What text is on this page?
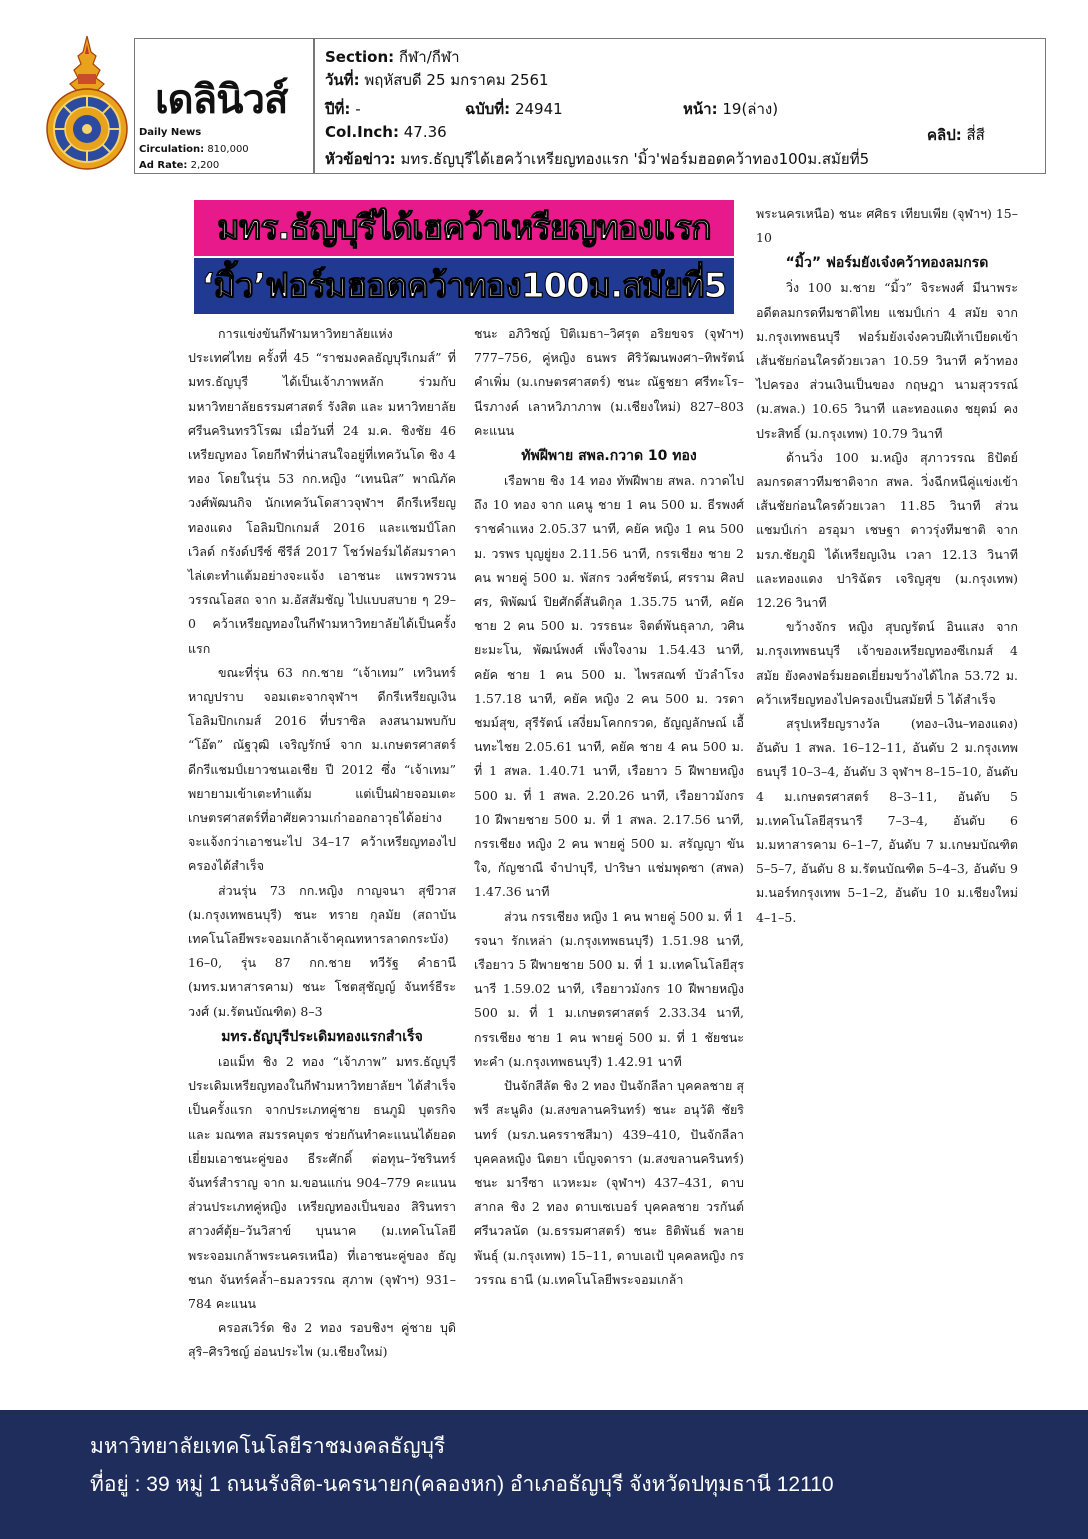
เดลินิวส์
Daily News
Circulation: 810,000
Ad Rate: 2,200
Section: กีฬา/กีฬา
วันที่: พฤหัสบดี 25 มกราคม 2561
ปีที่: -	ฉบับที่: 24941	หน้า: 19(ล่าง)
Col.Inch: 47.36	คลิป: สี่สี
หัวข้อข่าว: มทร.ธัญบุรีได้เฮคว้าเหรียญทองแรก 'มิ้ว'ฟอร์มฮอตคว้าทอง100ม.สมัยที่5
มทร.ธัญบุรีได้เฮคว้าเหรียญทองแรก
‘มิ้ว’ฟอร์มฮอตคว้าทอง100ม.สมัยที่5

การแข่งขันกีฬามหาวิทยาลัยแห่งประเทศไทย ครั้งที่ 45 “ราชมงคลธัญบุรีเกมส์” ที่ มทร.ธัญบุรี ได้เป็นเจ้าภาพหลัก ร่วมกับมหาวิทยาลัยธรรมศาสตร์ รังสิต และ มหาวิทยาลัยศรีนครินทรวิโรฒ เมื่อวันที่ 24 ม.ค. ชิงชัย 46 เหรียญทอง โดยกีฬาที่น่าสนใจอยู่ที่เทควันโด ชิง 4 ทอง โดยในรุ่น 53 กก.หญิง “เทนนิส” พาณิภัค วงศ์พัฒนกิจ นักเทควันโดสาวจุฬาฯ ดีกรีเหรียญทองแดง โอลิมปิกเกมส์ 2016 และแชมป์โลก เวิลด์ กรังด์ปรีซ์ ซีรีส์ 2017 โชว์ฟอร์มได้สมราคาไล่เตะทำแต้มอย่างจะแจ้ง เอาชนะ แพรวพรวน วรรณโอสถ จาก ม.อัสสัมชัญ ไปแบบสบาย ๆ 29–0 คว้าเหรียญทองในกีฬามหาวิทยาลัยได้เป็นครั้งแรก

ขณะที่รุ่น 63 กก.ชาย “เจ้าเทม” เทวินทร์ หาญปราบ จอมเตะจากจุฬาฯ ดีกรีเหรียญเงินโอลิมปิกเกมส์ 2016 ที่บราซิล ลงสนามพบกับ “โอ๊ต” ณัฐวุฒิ เจริญรักษ์ จาก ม.เกษตรศาสตร์ ดีกรีแชมป์เยาวชนเอเชีย ปี 2012 ซึ่ง “เจ้าเทม” พยายามเข้าเตะทำแต้ม แต่เป็นฝ่ายจอมเตะเกษตรศาสตร์ที่อาศัยความเก๋าออกอาวุธได้อย่างจะแจ้งกว่าเอาชนะไป 34–17 คว้าเหรียญทองไปครองได้สำเร็จ

ส่วนรุ่น 73 กก.หญิง กาญจนา สุขีวาส (ม.กรุงเทพธนบุรี) ชนะ ทราย กุลมัย (สถาบันเทคโนโลยีพระจอมเกล้าเจ้าคุณทหารลาดกระบัง) 16–0, รุ่น 87 กก.ชาย ทวีรัฐ คำธานี (มทร.มหาสารคาม) ชนะ โชตสุชัญญ์ จันทร์ธีระวงศ์ (ม.รัตนบัณฑิต) 8–3

มทร.ธัญบุรีประเดิมทองแรกสำเร็จ

เอแม็ท ชิง 2 ทอง “เจ้าภาพ” มทร.ธัญบุรี ประเดิมเหรียญทองในกีฬามหาวิทยาลัยฯ ได้สำเร็จเป็นครั้งแรก จากประเภทคู่ชาย ธนภูมิ บุตรกิจ และ มณฑล สมรรคบุตร ช่วยกันทำคะแนนได้ยอดเยี่ยมเอาชนะคู่ของ ธีระศักดิ์ ต่อทุน–วัชรินทร์ จันทร์สำราญ จาก ม.ขอนแก่น 904–779 คะแนน ส่วนประเภทคู่หญิง เหรียญทองเป็นของ สิรินทรา สาวงศ์ตุ้ย–วันวิสาข์ บุนนาค (ม.เทคโนโลยีพระจอมเกล้าพระนครเหนือ) ที่เอาชนะคู่ของ ธัญชนก จันทร์คล้ำ–ธมลวรรณ สุภาพ (จุฬาฯ) 931–784 คะแนน

ครอสเวิร์ด ชิง 2 ทอง รอบชิงฯ คู่ชาย บุดิ สุริ–ศิรวิชญ์ อ่อนประไพ (ม.เชียงใหม่)

ชนะ อภิวิชญ์ ปิติเมธา–วิศรุต อริยขจร (จุฬาฯ) 777–756, คู่หญิง ธนพร ศิริวัฒนพงศา–ทิพรัตน์ คำเพิ่ม (ม.เกษตรศาสตร์) ชนะ ณัฐชยา ศรีทะโร–นีรภางค์ เลาหวิภาภาพ (ม.เชียงใหม่) 827–803 คะแนน

ทัพฝีพาย สพล.กวาด 10 ทอง

เรือพาย ชิง 14 ทอง ทัพฝีพาย สพล. กวาดไปถึง 10 ทอง จาก แคนู ชาย 1 คน 500 ม. ธีรพงศ์ ราชคำแหง 2.05.37 นาที, คยัค หญิง 1 คน 500 ม. วรพร บุญยู่ยง 2.11.56 นาที, กรรเชียง ชาย 2 คน พายคู่ 500 ม. พัสกร วงศ์ชรัตน์, ศรราม ศิลปศร, พิพัฒน์ ปิยศักดิ์สันติกุล 1.35.75 นาที, คยัค ชาย 2 คน 500 ม. วรรธนะ จิตต์พันธุลาภ, วศิน ยะมะโน, พัฒน์พงศ์ เพ็งใจงาม 1.54.43 นาที, คยัค ชาย 1 คน 500 ม. ไพรสณฑ์ บัวลำโรง 1.57.18 นาที, คยัค หญิง 2 คน 500 ม. วรดา ชมม์สุข, สุรีรัตน์ เสงี่ยมโคกกรวด, ธัญญลักษณ์ เอื้นทะไชย 2.05.61 นาที, คยัค ชาย 4 คน 500 ม. ที่ 1 สพล. 1.40.71 นาที, เรือยาว 5 ฝีพายหญิง 500 ม. ที่ 1 สพล. 2.20.26 นาที, เรือยาวมังกร 10 ฝีพายชาย 500 ม. ที่ 1 สพล. 2.17.56 นาที, กรรเชียง หญิง 2 คน พายคู่ 500 ม. สรัญญา ขันใจ, กัญชาณี จำปาบุรี, ปาริษา แช่มพุดซา (สพล) 1.47.36 นาที

ส่วน กรรเชียง หญิง 1 คน พายคู่ 500 ม. ที่ 1 รจนา รักเหล่า (ม.กรุงเทพธนบุรี) 1.51.98 นาที, เรือยาว 5 ฝีพายชาย 500 ม. ที่ 1 ม.เทคโนโลยีสุรนารี 1.59.02 นาที, เรือยาวมังกร 10 ฝีพายหญิง 500 ม. ที่ 1 ม.เกษตรศาสตร์ 2.33.34 นาที, กรรเชียง ชาย 1 คน พายคู่ 500 ม. ที่ 1 ชัยชนะ ทะคำ (ม.กรุงเทพธนบุรี) 1.42.91 นาที

ปันจักสีลัต ชิง 2 ทอง ปันจักลีลา บุคคลชาย สุพรี สะนูดิง (ม.สงขลานครินทร์) ชนะ อนุวัติ ชัยรินทร์ (มรภ.นครราชสีมา) 439–410, ปันจักลีลา บุคคลหญิง นิตยา เบ็ญจดารา (ม.สงขลานครินทร์) ชนะ มารีซา แวหะมะ (จุฬาฯ) 437–431, ดาบสากล ชิง 2 ทอง ดาบเซเบอร์ บุคคลชาย วรกันต์ ศรีนวลนัด (ม.ธรรมศาสตร์) ชนะ ธิติพันธ์ พลายพันธุ์ (ม.กรุงเทพ) 15–11, ดาบเอเป้ บุคคลหญิง กรวรรณ ธานี (ม.เทคโนโลยีพระจอมเกล้า

พระนครเหนือ) ชนะ ศศิธร เทียบเพีย (จุฬาฯ) 15–10

“มิ้ว” ฟอร์มยังเจ๋งคว้าทองลมกรด

วิ่ง 100 ม.ชาย “มิ้ว” จิระพงศ์ มีนาพระ อดีตลมกรดทีมชาติไทย แชมป์เก่า 4 สมัย จาก ม.กรุงเทพธนบุรี ฟอร์มยังเจ๋งควบฝีเท้าเบียดเข้าเส้นชัยก่อนใครด้วยเวลา 10.59 วินาที คว้าทองไปครอง ส่วนเงินเป็นของ กฤษฎา นามสุวรรณ์ (ม.สพล.) 10.65 วินาที และทองแดง ชยุตม์ คงประสิทธิ์ (ม.กรุงเทพ) 10.79 วินาที

ด้านวิ่ง 100 ม.หญิง สุภาวรรณ ธิปัตย์ ลมกรดสาวทีมชาติจาก สพล. วิ่งฉีกหนีคู่แข่งเข้าเส้นชัยก่อนใครด้วยเวลา 11.85 วินาที ส่วนแชมป์เก่า อรอุมา เชษฐา ดาวรุ่งทีมชาติ จาก มรภ.ชัยภูมิ ได้เหรียญเงิน เวลา 12.13 วินาที และทองแดง ปาริฉัตร เจริญสุข (ม.กรุงเทพ) 12.26 วินาที

ขว้างจักร หญิง สุบญรัตน์ อินแสง จาก ม.กรุงเทพธนบุรี เจ้าของเหรียญทองซีเกมส์ 4 สมัย ยังคงฟอร์มยอดเยี่ยมขว้างได้ไกล 53.72 ม. คว้าเหรียญทองไปครองเป็นสมัยที่ 5 ได้สำเร็จ

สรุปเหรียญรางวัล (ทอง–เงิน–ทองแดง) อันดับ 1 สพล. 16–12–11, อันดับ 2 ม.กรุงเทพธนบุรี 10–3–4, อันดับ 3 จุฬาฯ 8–15–10, อันดับ 4 ม.เกษตรศาสตร์ 8–3–11, อันดับ 5 ม.เทคโนโลยีสุรนารี 7–3–4, อันดับ 6 ม.มหาสารคาม 6–1–7, อันดับ 7 ม.เกษมบัณฑิต 5–5–7, อันดับ 8 ม.รัตนบัณฑิต 5–4–3, อันดับ 9 ม.นอร์ทกรุงเทพ 5–1–2, อันดับ 10 ม.เชียงใหม่ 4–1–5.

มหาวิทยาลัยเทคโนโลยีราชมงคลธัญบุรี
ที่อยู่ : 39 หมู่ 1 ถนนรังสิต-นครนายก(คลองหก) อำเภอธัญบุรี จังหวัดปทุมธานี 12110
